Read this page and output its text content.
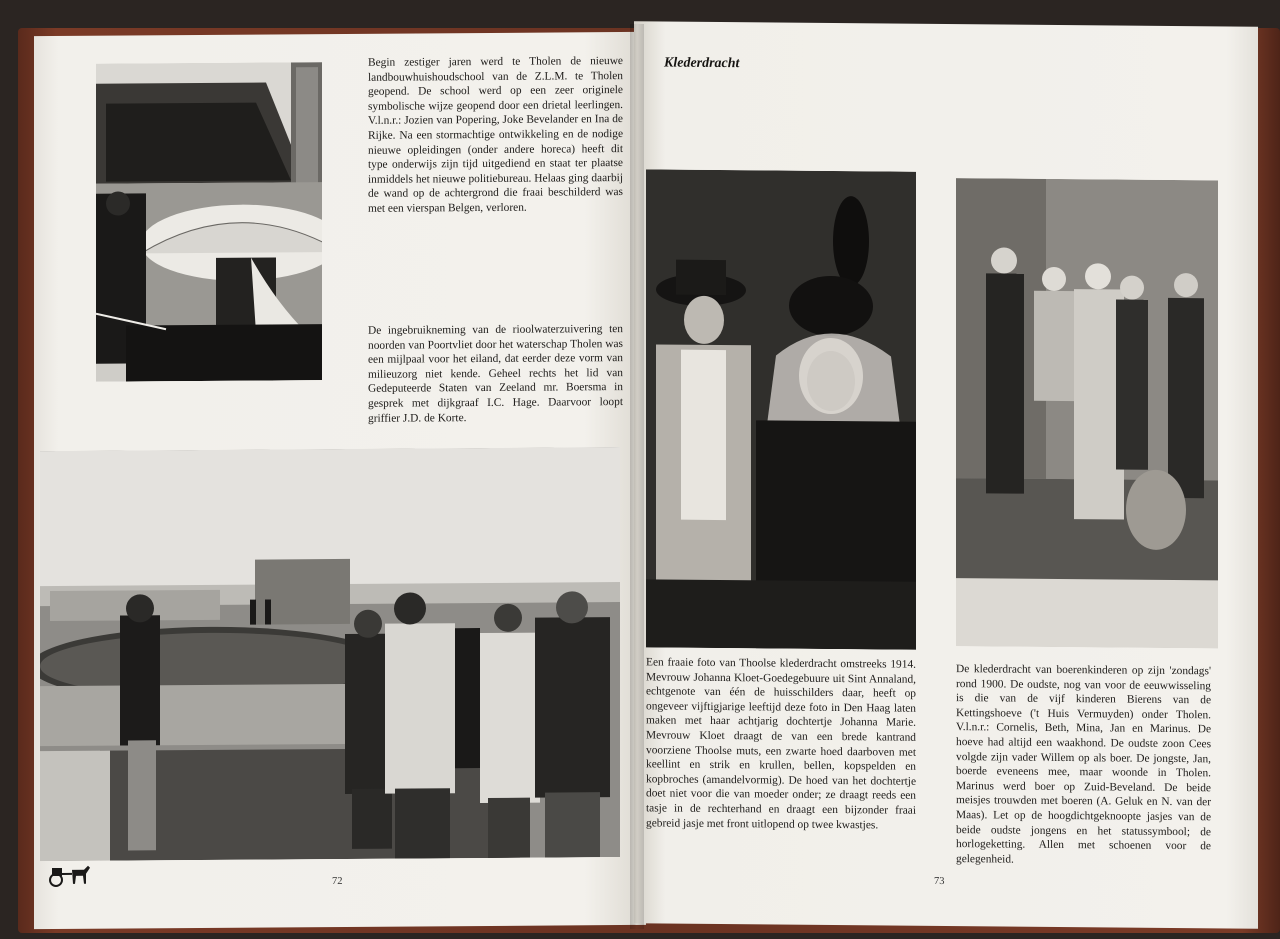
Begin zestiger jaren werd te Tholen de nieuwe landbouwhuishoudschool van de Z.L.M. te Tholen geopend. De school werd op een zeer originele symbolische wijze geopend door een drietal leerlingen. V.l.n.r.: Jozien van Popering, Joke Bevelander en Ina de Rijke. Na een stormachtige ontwikkeling en de nodige nieuwe opleidingen (onder andere horeca) heeft dit type onderwijs zijn tijd uitgediend en staat ter plaatse inmiddels het nieuwe politiebureau. Helaas ging daarbij de wand op de achtergrond die fraai beschilderd was met een vierspan Belgen, verloren.

De ingebruikneming van de rioolwaterzuivering ten noorden van Poortvliet door het waterschap Tholen was een mijlpaal voor het eiland, dat eerder deze vorm van milieuzorg niet kende. Geheel rechts het lid van Gedeputeerde Staten van Zeeland mr. Boersma in gesprek met dijkgraaf I.C. Hage. Daarvoor loopt griffier J.D. de Korte.

72
Klederdracht

Een fraaie foto van Thoolse klederdracht omstreeks 1914. Mevrouw Johanna Kloet-Goedegebuure uit Sint Annaland, echtgenote van één de huisschilders daar, heeft op ongeveer vijftigjarige leeftijd deze foto in Den Haag laten maken met haar achtjarig dochtertje Johanna Marie. Mevrouw Kloet draagt de van een brede kantrand voorziene Thoolse muts, een zwarte hoed daarboven met keellint en strik en krullen, bellen, kopspelden en kopbroches (amandelvormig). De hoed van het dochtertje doet niet voor die van moeder onder; ze draagt reeds een tasje in de rechterhand en draagt een bijzonder fraai gebreid jasje met front uitlopend op twee kwastjes.

De klederdracht van boerenkinderen op zijn 'zondags' rond 1900. De oudste, nog van voor de eeuwwisseling is die van de vijf kinderen Bierens van de Kettingshoeve ('t Huis Vermuyden) onder Tholen. V.l.n.r.: Cornelis, Beth, Mina, Jan en Marinus. De hoeve had altijd een waakhond. De oudste zoon Cees volgde zijn vader Willem op als boer. De jongste, Jan, boerde eveneens mee, maar woonde in Tholen. Marinus werd boer op Zuid-Beveland. De beide meisjes trouwden met boeren (A. Geluk en N. van der Maas). Let op de hoogdichtgeknoopte jasjes van de beide oudste jongens en het statussymbool; de horlogeketting. Allen met schoenen voor de gelegenheid.

73
